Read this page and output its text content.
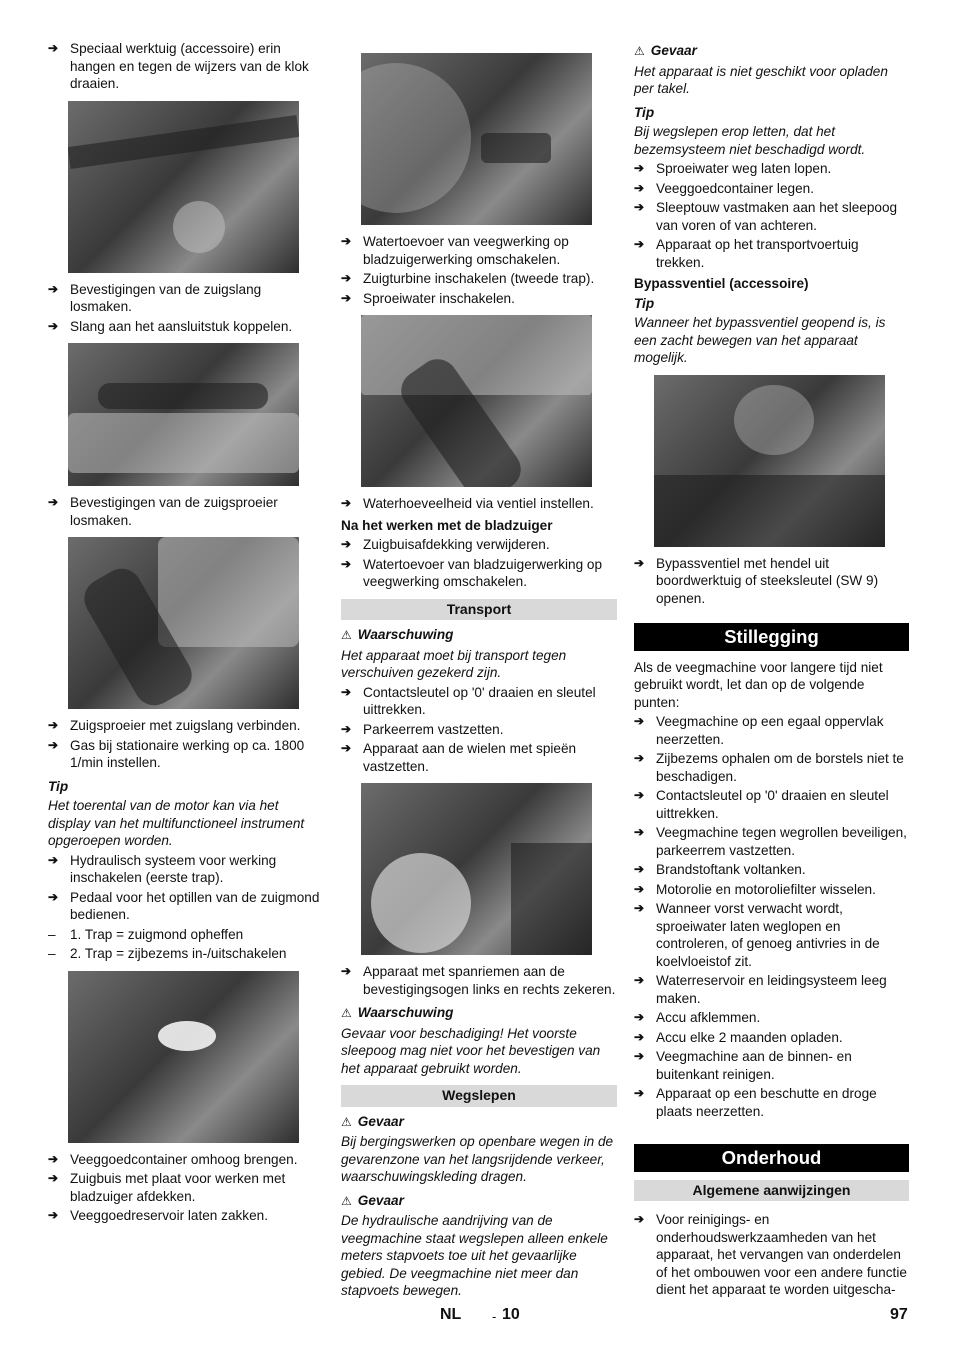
➔ Speciaal werktuig (accessoire) erin hangen en tegen de wijzers van de klok draaien.
➔ Bevestigingen van de zuigslang losmaken.
➔ Slang aan het aansluitstuk koppelen.
➔ Bevestigingen van de zuigsproeier losmaken.
➔ Zuigsproeier met zuigslang verbinden.
➔ Gas bij stationaire werking op ca. 1800 1/min instellen.
Tip
Het toerental van de motor kan via het display van het multifunctioneel instrument opgeroepen worden.
➔ Hydraulisch systeem voor werking inschakelen (eerste trap).
➔ Pedaal voor het optillen van de zuigmond bedienen.
– 1. Trap = zuigmond opheffen
– 2. Trap = zijbezems in-/uitschakelen
➔ Veeggoedcontainer omhoog brengen.
➔ Zuigbuis met plaat voor werken met bladzuiger afdekken.
➔ Veeggoedreservoir laten zakken.
➔ Watertoevoer van veegwerking op bladzuigerwerking omschakelen.
➔ Zuigturbine inschakelen (tweede trap).
➔ Sproeiwater inschakelen.
➔ Waterhoeveelheid via ventiel instellen.
Na het werken met de bladzuiger
➔ Zuigbuisafdekking verwijderen.
➔ Watertoevoer van bladzuigerwerking op veegwerking omschakelen.
Transport
⚠ Waarschuwing
Het apparaat moet bij transport tegen verschuiven gezekerd zijn.
➔ Contactsleutel op '0' draaien en sleutel uittrekken.
➔ Parkeerrem vastzetten.
➔ Apparaat aan de wielen met spieën vastzetten.
➔ Apparaat met spanriemen aan de bevestigingsogen links en rechts zekeren.
⚠ Waarschuwing
Gevaar voor beschadiging! Het voorste sleepoog mag niet voor het bevestigen van het apparaat gebruikt worden.
Wegslepen
⚠ Gevaar
Bij bergingswerken op openbare wegen in de gevarenzone van het langsrijdende verkeer, waarschuwingskleding dragen.
⚠ Gevaar
De hydraulische aandrijving van de veegmachine staat wegslepen alleen enkele meters stapvoets toe uit het gevaarlijke gebied. De veegmachine niet meer dan stapvoets bewegen.
⚠ Gevaar
Het apparaat is niet geschikt voor opladen per takel.
Tip
Bij wegslepen erop letten, dat het bezemsysteem niet beschadigd wordt.
➔ Sproeiwater weg laten lopen.
➔ Veeggoedcontainer legen.
➔ Sleeptouw vastmaken aan het sleepoog van voren of van achteren.
➔ Apparaat op het transportvoertuig trekken.
Bypassventiel (accessoire)
Tip
Wanneer het bypassventiel geopend is, is een zacht bewegen van het apparaat mogelijk.
➔ Bypassventiel met hendel uit boordwerktuig of steeksleutel (SW 9) openen.
Stillegging
Als de veegmachine voor langere tijd niet gebruikt wordt, let dan op de volgende punten:
➔ Veegmachine op een egaal oppervlak neerzetten.
➔ Zijbezems ophalen om de borstels niet te beschadigen.
➔ Contactsleutel op '0' draaien en sleutel uittrekken.
➔ Veegmachine tegen wegrollen beveiligen, parkeerrem vastzetten.
➔ Brandstoftank voltanken.
➔ Motorolie en motoroliefilter wisselen.
➔ Wanneer vorst verwacht wordt, sproeiwater laten weglopen en controleren, of genoeg antivries in de koelvloeistof zit.
➔ Waterreservoir en leidingsysteem leeg maken.
➔ Accu afklemmen.
➔ Accu elke 2 maanden opladen.
➔ Veegmachine aan de binnen- en buitenkant reinigen.
➔ Apparaat op een beschutte en droge plaats neerzetten.
Onderhoud
Algemene aanwijzingen
➔ Voor reinigings- en onderhoudswerkzaamheden van het apparaat, het vervangen van onderdelen of het ombouwen voor een andere functie dient het apparaat te worden uitgescha-
NL - 10	97
